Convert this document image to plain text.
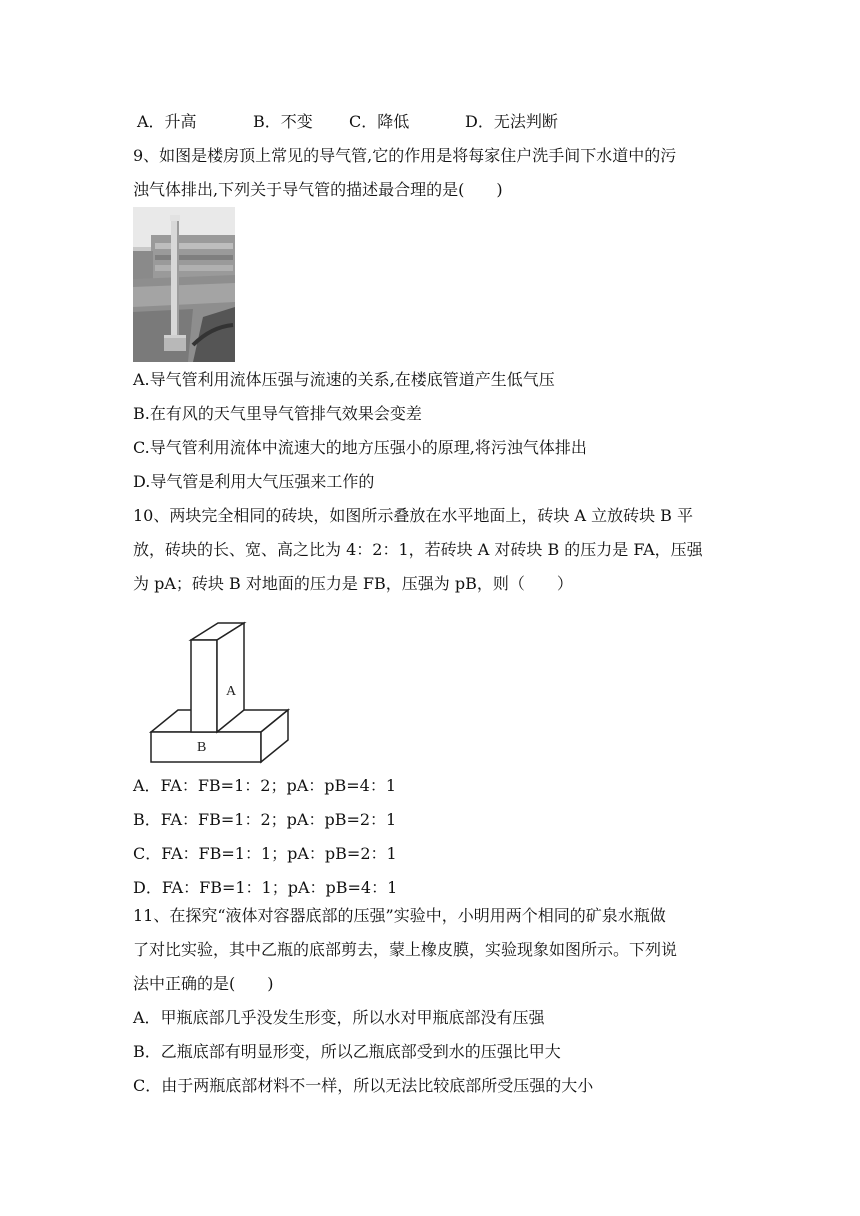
A．升高	B．不变 C．降低	D．无法判断
9、如图是楼房顶上常见的导气管,它的作用是将每家住户洗手间下水道中的污
浊气体排出,下列关于导气管的描述最合理的是(　　)
A.导气管利用流体压强与流速的关系,在楼底管道产生低气压
B.在有风的天气里导气管排气效果会变差
C.导气管利用流体中流速大的地方压强小的原理,将污浊气体排出
D.导气管是利用大气压强来工作的
10、两块完全相同的砖块，如图所示叠放在水平地面上，砖块 A 立放砖块 B 平
放，砖块的长、宽、高之比为 4：2：1，若砖块 A 对砖块 B 的压力是 FA，压强
为 pA；砖块 B 对地面的压力是 FB，压强为 pB，则（　　）
A
B
A．FA：FB=1：2；pA：pB=4：1
B．FA：FB=1：2；pA：pB=2：1
C．FA：FB=1：1；pA：pB=2：1
D．FA：FB=1：1；pA：pB=4：1
11、在探究“液体对容器底部的压强”实验中，小明用两个相同的矿泉水瓶做
了对比实验，其中乙瓶的底部剪去，蒙上橡皮膜，实验现象如图所示。下列说
法中正确的是(　　)
A．甲瓶底部几乎没发生形变，所以水对甲瓶底部没有压强
B．乙瓶底部有明显形变，所以乙瓶底部受到水的压强比甲大
C．由于两瓶底部材料不一样，所以无法比较底部所受压强的大小
